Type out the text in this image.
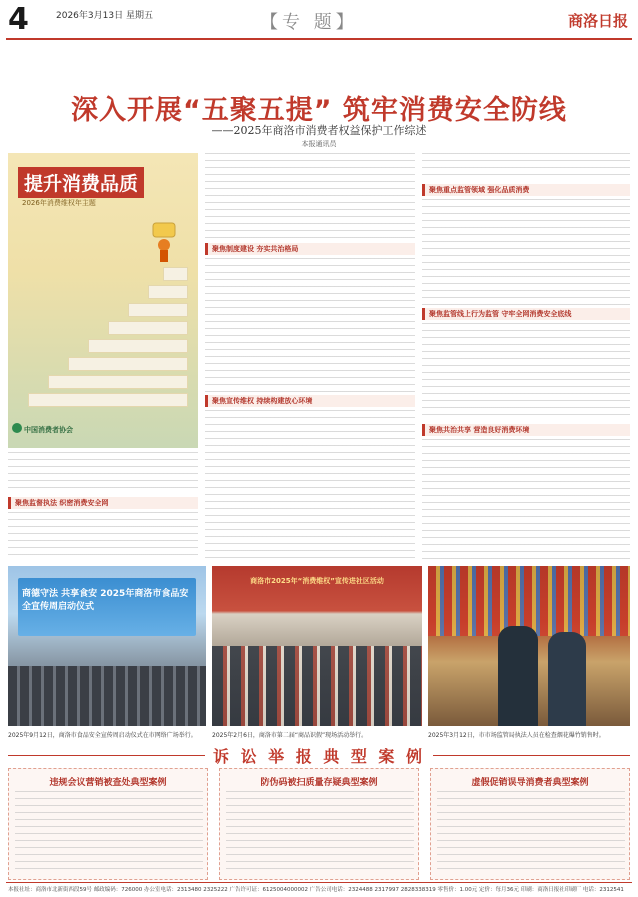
4	2026年3月13日 星期五	【专 题】	商洛日报
深入开展“五聚五提” 筑牢消费安全防线
——2025年商洛市消费者权益保护工作综述
本报通讯员
提升消费品质
2026年消费维权年主题
中国消费者协会
聚焦监督执法 织密消费安全网
聚焦制度建设 夯实共治格局
聚焦宣传维权 持续构建放心环境
聚焦重点监管领域 强化品质消费
聚焦监管线上行为监管 守牢全网消费安全底线
聚焦共治共享 营造良好消费环境
商德守法 共享食安 2025年商洛市食品安全宣传周启动仪式
2025年9月12日，商洛市食品安全宣传周启动仪式在市网络广场举行。
商洛市2025年“消费维权”宣传进社区活动
2025年2月6日，商洛市第二届“商品识假”现场活动举行。	2025年3月12日，市市场监管局执法人员在检查烟花爆竹销售时。
诉 讼 举 报 典 型 案 例
违规会议营销被查处典型案例	防伪码被扫质量存疑典型案例	虚假促销误导消费者典型案例
本报社址：商洛市北新街西段59号 邮政编码：726000 办公室电话：2313480 2325222 广告许可证：6125004000002 广告公司电话：2324488 2317997 2828338319 零售价：1.00元 定价：每月36元 印刷：商洛日报社印刷厂 电话：2312541
